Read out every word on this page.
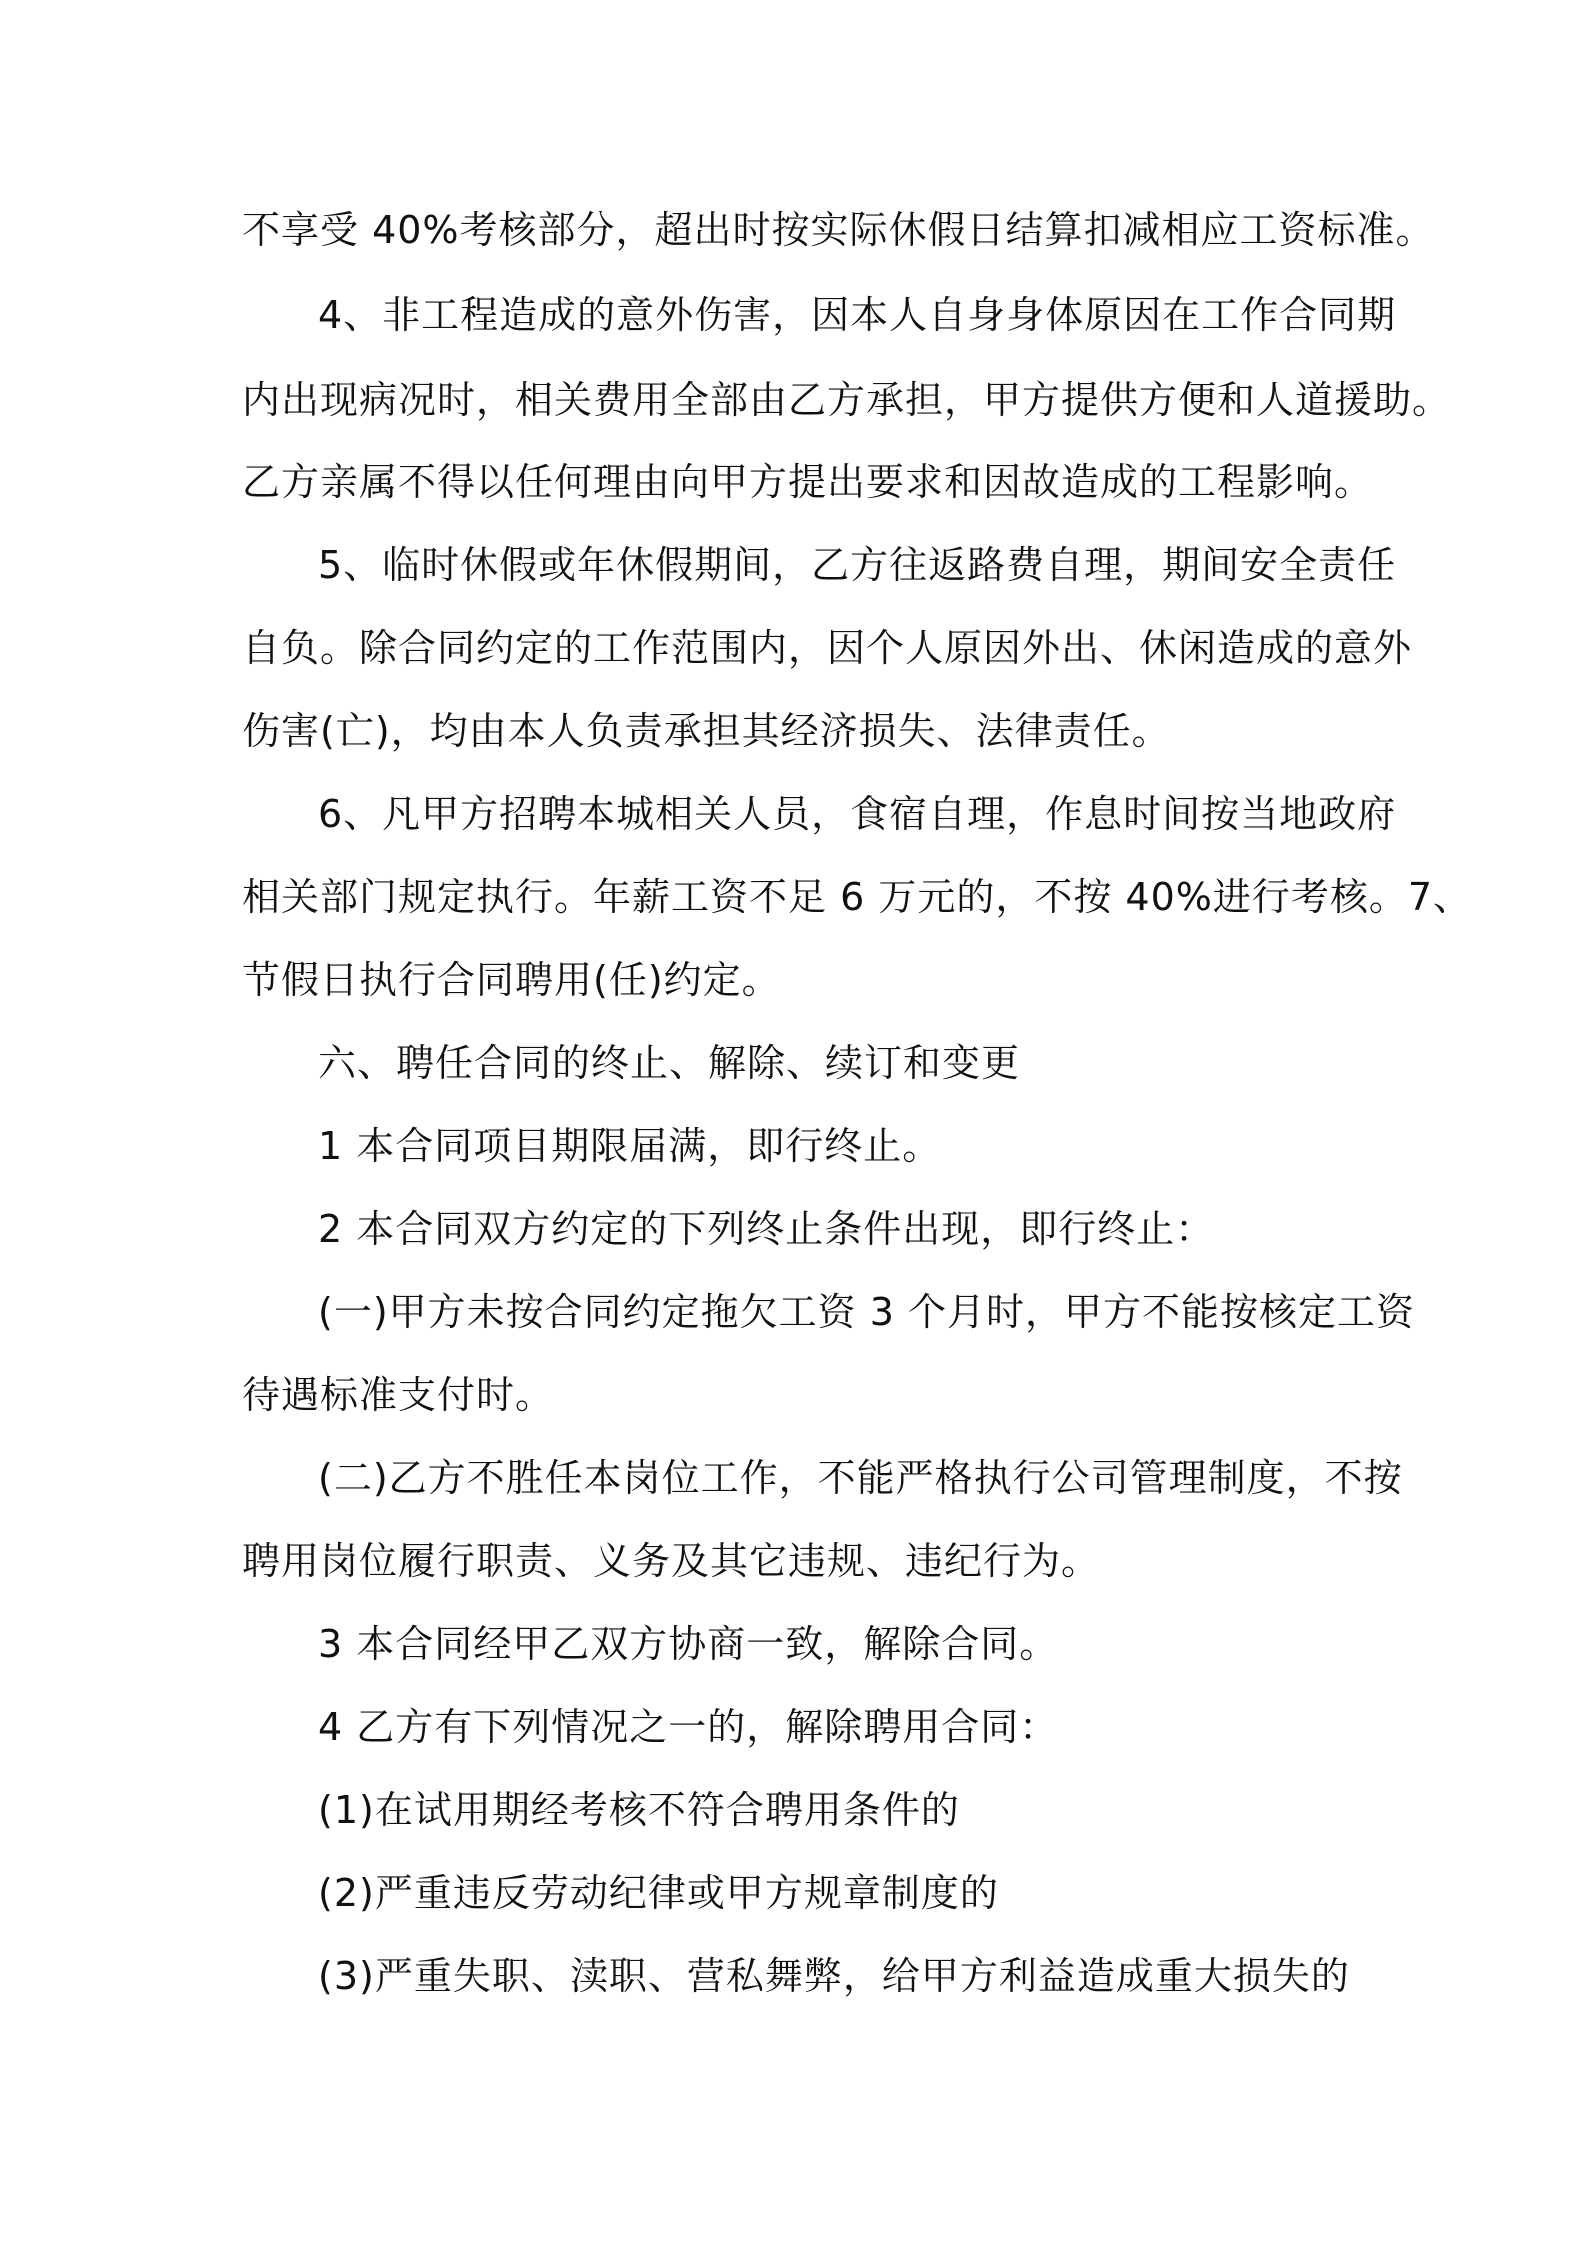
不享受 40%考核部分，超出时按实际休假日结算扣减相应工资标准。
4、非工程造成的意外伤害，因本人自身身体原因在工作合同期
内出现病况时，相关费用全部由乙方承担，甲方提供方便和人道援助。
乙方亲属不得以任何理由向甲方提出要求和因故造成的工程影响。
5、临时休假或年休假期间，乙方往返路费自理，期间安全责任
自负。除合同约定的工作范围内，因个人原因外出、休闲造成的意外
伤害(亡)，均由本人负责承担其经济损失、法律责任。
6、凡甲方招聘本城相关人员，食宿自理，作息时间按当地政府
相关部门规定执行。年薪工资不足 6 万元的，不按 40%进行考核。7、
节假日执行合同聘用(任)约定。
六、聘任合同的终止、解除、续订和变更
1 本合同项目期限届满，即行终止。
2 本合同双方约定的下列终止条件出现，即行终止：
(一)甲方未按合同约定拖欠工资 3 个月时，甲方不能按核定工资
待遇标准支付时。
(二)乙方不胜任本岗位工作，不能严格执行公司管理制度，不按
聘用岗位履行职责、义务及其它违规、违纪行为。
3 本合同经甲乙双方协商一致，解除合同。
4 乙方有下列情况之一的，解除聘用合同：
(1)在试用期经考核不符合聘用条件的
(2)严重违反劳动纪律或甲方规章制度的
(3)严重失职、渎职、营私舞弊，给甲方利益造成重大损失的
